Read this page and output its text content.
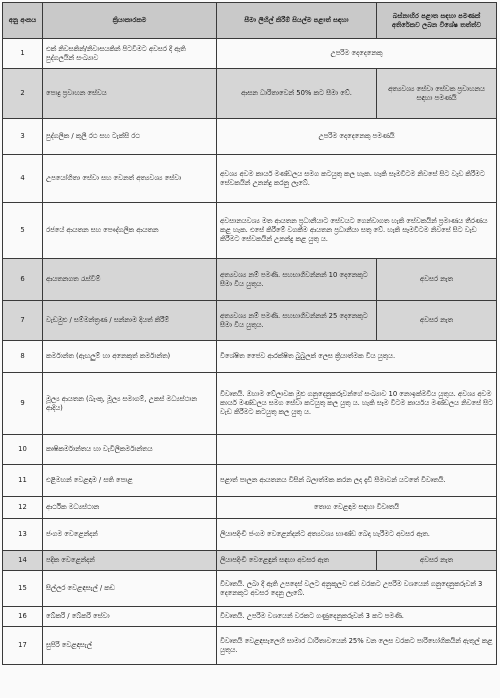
අනු අංකය	ක්‍රියාකාරකම	සීමා ලිහිල් කිරීම් සියල්ම පළාත් සඳහා	බස්නාහිර පළාත සඳහා පමණක් අතිරේකව ලබන විශේෂ තත්ත්ව
1	එක් නිවසකින්/නිවාසයකින් පිටවීමට අවසර දී ඇති පුද්ගලයින් සංඛ්‍යාව	උපරිම දෙදෙනෙකු	
2	පොදු ප්‍රවාහන සේවය	ආසන ධාරිතාවෙන් 50% කට සීමා වේ.	අත්‍යවශ්‍ය සේවා සේවක ප්‍රවාහනය සඳහා පමණයි
3	පුද්ගලික / කුලී රථ සහ ටැක්සි රථ	උපරිම දෙදෙනෙකු පමණයි	
4	උපයෝගිතා සේවා සහ වෙනත් අත්‍යවශ්‍ය සේවා	අවශ්‍ය අවම කාර්ය මණ්ඩලය සමග කටයුතු කල හැක. හැකි සෑමවිටම නිවසේ සිට වැඩ කිරීමට සේවකයින් උනන්දු කරනු ලැබේ.	
5	රජයේ ආයතන සහ පෞද්ගලික ආයතන	අවසානයවශ්‍ය මත ආයතන ප්‍රධානීයාට සේවයට ගෙන්වාගත හැකි සේවකයින් ප්‍රමාණය තීරණය කළ හැක. එසේ කිරීමේ වගකීම ආයතන ප්‍රධානීයා සතු වේ. හැකි සෑමවිටම නිවසේ සිට වැඩ කිරීමට සේවකයින් උනන්දු කළ යුතු ය.	
6	ආයතනගත රැස්වීම්	අත්‍යවශ්‍ය නම් පමණි. සහභාගීවන්නන් 10 දෙනෙකුට සීමා විය යුතුය.	අවසර නැත
7	වැඩමුළු / සම්මන්ත්‍රණ / සන්නාම දියත් කිරීම්	අත්‍යවශ්‍ය නම් පමණි. සහභාගීවන්නන් 25 දෙනෙකුට සීමා විය යුතුය.	අවසර නැත
8	කර්මාන්ත (ඇඟලුම් හා අනෙකුත් කර්මාන්ත)	විශේෂිත ජෛව ආරක්ෂිත බුබුලක් ලෙස ක්‍රියාත්මක විය යුතුය.	
9	මූල්‍ය ආයතන (බැංකු, මූල්‍ය සමාගම්, උකස් මධ්‍යස්ථාන ආදිය)	විවෘතයි. ඔහාම වේලාවක මුළු ගනුදෙනුකරුවන්ගේ සංඛ්‍යාව 10 නොඉක්මවිය යුතුය. අවශ්‍ය අවම කාර්ය මණ්ඩලය සමග සේවා කටයුතු කල යුතු ය. හැකි සෑම විටම කාර්යය මණ්ඩලය නිවසේ සිට වැඩ කිරීමට කටයුතු කල යුතු ය.	
10	කෘෂිකර්මාන්තය හා වැවිලිකර්මාන්තය		
11	එළිමහන් වෙළඳාම / සති පොළ	පළාත් පාලන ආයතනය විසින් බලාත්මක කරන ලද දැඩි සීමාවන් යටතේ විවෘතයි.	
12	ආර්ථික මධ්‍යස්ථාන	තොග වෙළඳාම සඳහා විවෘතයි	
13	ජංගම වෙළෙන්දන්	ලියාපදිංචි ජංගම වෙළෙන්දන්ට අත්‍යවශ්‍ය භාණ්ඩ බෙදා හැරීමට අවසර ඇත.	
14	පදික වෙළෙන්දන්	ලියාපදිංචි වෙළෙඳුන් සඳහා අවසර ඇත	අවසර නැත
15	සිල්ලර වෙළඳසැල් / කඩ	විවෘතයි. ලබා දී ඇති උපදෙස් වලට අනුකූලව එක් වරකට උපරිම වශයෙන් ගනුදෙනුකරුවන් 3 දෙනෙකුට අවසර දෙනු ලැබේ.	
16	බේකරි / බේකරි සේවා	විවෘතයි. උපරිම වශයෙන් වරකට ගණුදෙනුකරුවන් 3 කට පමණි.	
17	සුපිරි වෙළඳසැල්	විවෘතයි වෙළඳසැලෙහි සාමාර ධාරිතාවයෙන් 25% වන ලෙස වරකට පාරිභෝගිකයින් ඇතුල් කළ යුතුය.	
